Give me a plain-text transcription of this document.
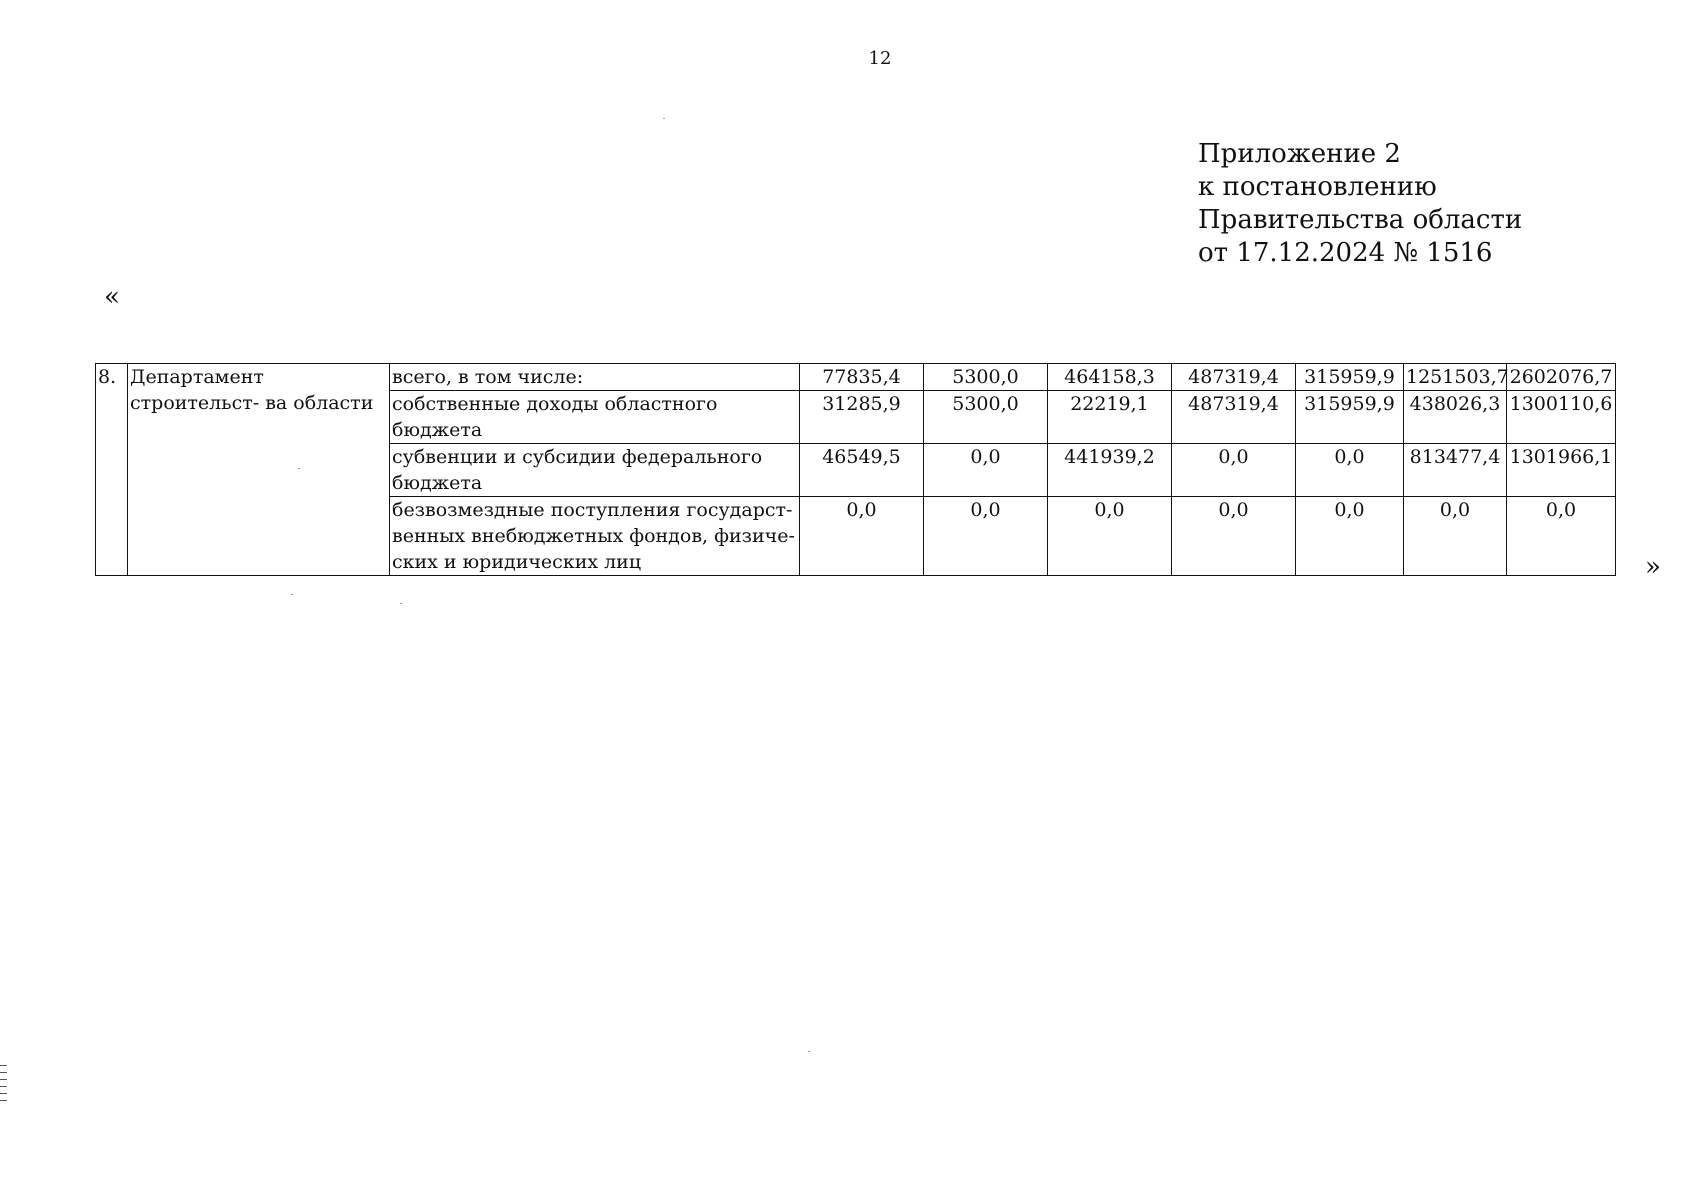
12
Приложение 2
к постановлению
Правительства области
от 17.12.2024 № 1516
«
8.	Департамент строительст- ва области	всего, в том числе:	77835,4	5300,0	464158,3	487319,4	315959,9	1251503,7	2602076,7
		собственные доходы областного бюджета	31285,9	5300,0	22219,1	487319,4	315959,9	438026,3	1300110,6
		субвенции и субсидии федерального бюджета	46549,5	0,0	441939,2	0,0	0,0	813477,4	1301966,1
		безвозмездные поступления государст- венных внебюджетных фондов, физиче- ских и юридических лиц	0,0	0,0	0,0	0,0	0,0	0,0	0,0
»
